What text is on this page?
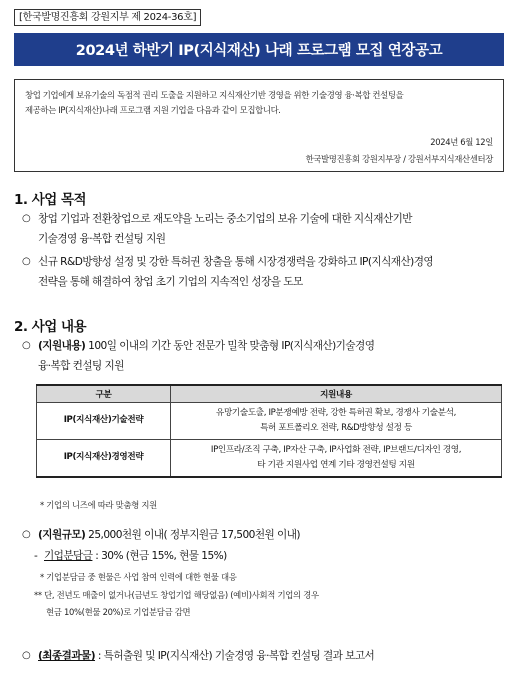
[한국발명진흥회 강원지부 제 2024-36호]
2024년 하반기 IP(지식재산) 나래 프로그램 모집 연장공고
창업 기업에게 보유기술의 독점적 권리 도출을 지원하고 지식재산기반 경영을 위한 기술경영 융·복합 컨설팅을
제공하는 IP(지식재산)나래 프로그램 지원 기업을 다음과 같이 모집합니다.
2024년 6월 12일
한국발명진흥회 강원지부장 / 강원서부지식재산센터장
1. 사업 목적
○ 창업 기업과 전환창업으로 재도약을 노리는 중소기업의 보유 기술에 대한 지식재산기반
기술경영 융·복합 컨설팅 지원
○ 신규 R&D방향성 설정 및 강한 특허권 창출을 통해 시장경쟁력을 강화하고 IP(지식재산)경영
전략을 통해 해결하여 창업 초기 기업의 지속적인 성장을 도모
2. 사업 내용
○ (지원내용) 100일 이내의 기간 동안 전문가 밀착 맞춤형 IP(지식재산)기술경영
융·복합 컨설팅 지원
구분	지원내용
IP(지식재산)기술전략	유망기술도출, IP분쟁예방 전략, 강한 특허권 확보, 경쟁사 기술분석,
특허 포트폴리오 전략, R&D방향성 설정 등

IP(지식재산)경영전략	IP인프라/조직 구축, IP자산 구축, IP사업화 전략, IP브랜드/디자인 경영,
타 기관 지원사업 연계 기타 경영컨설팅 지원
* 기업의 니즈에 따라 맞춤형 지원
○ (지원규모) 25,000천원 이내( 정부지원금 17,500천원 이내)
- 기업분담금 : 30% (현금 15%, 현물 15%)
* 기업분담금 중 현물은 사업 참여 인력에 대한 현물 대응
** 단, 전년도 매출이 없거나(금년도 창업기업 해당없음) (예비)사회적 기업의 경우
현금 10%(현물 20%)로 기업분담금 감면
○ (최종결과물) : 특허출원 및 IP(지식재산) 기술경영 융·복합 컨설팅 결과 보고서
